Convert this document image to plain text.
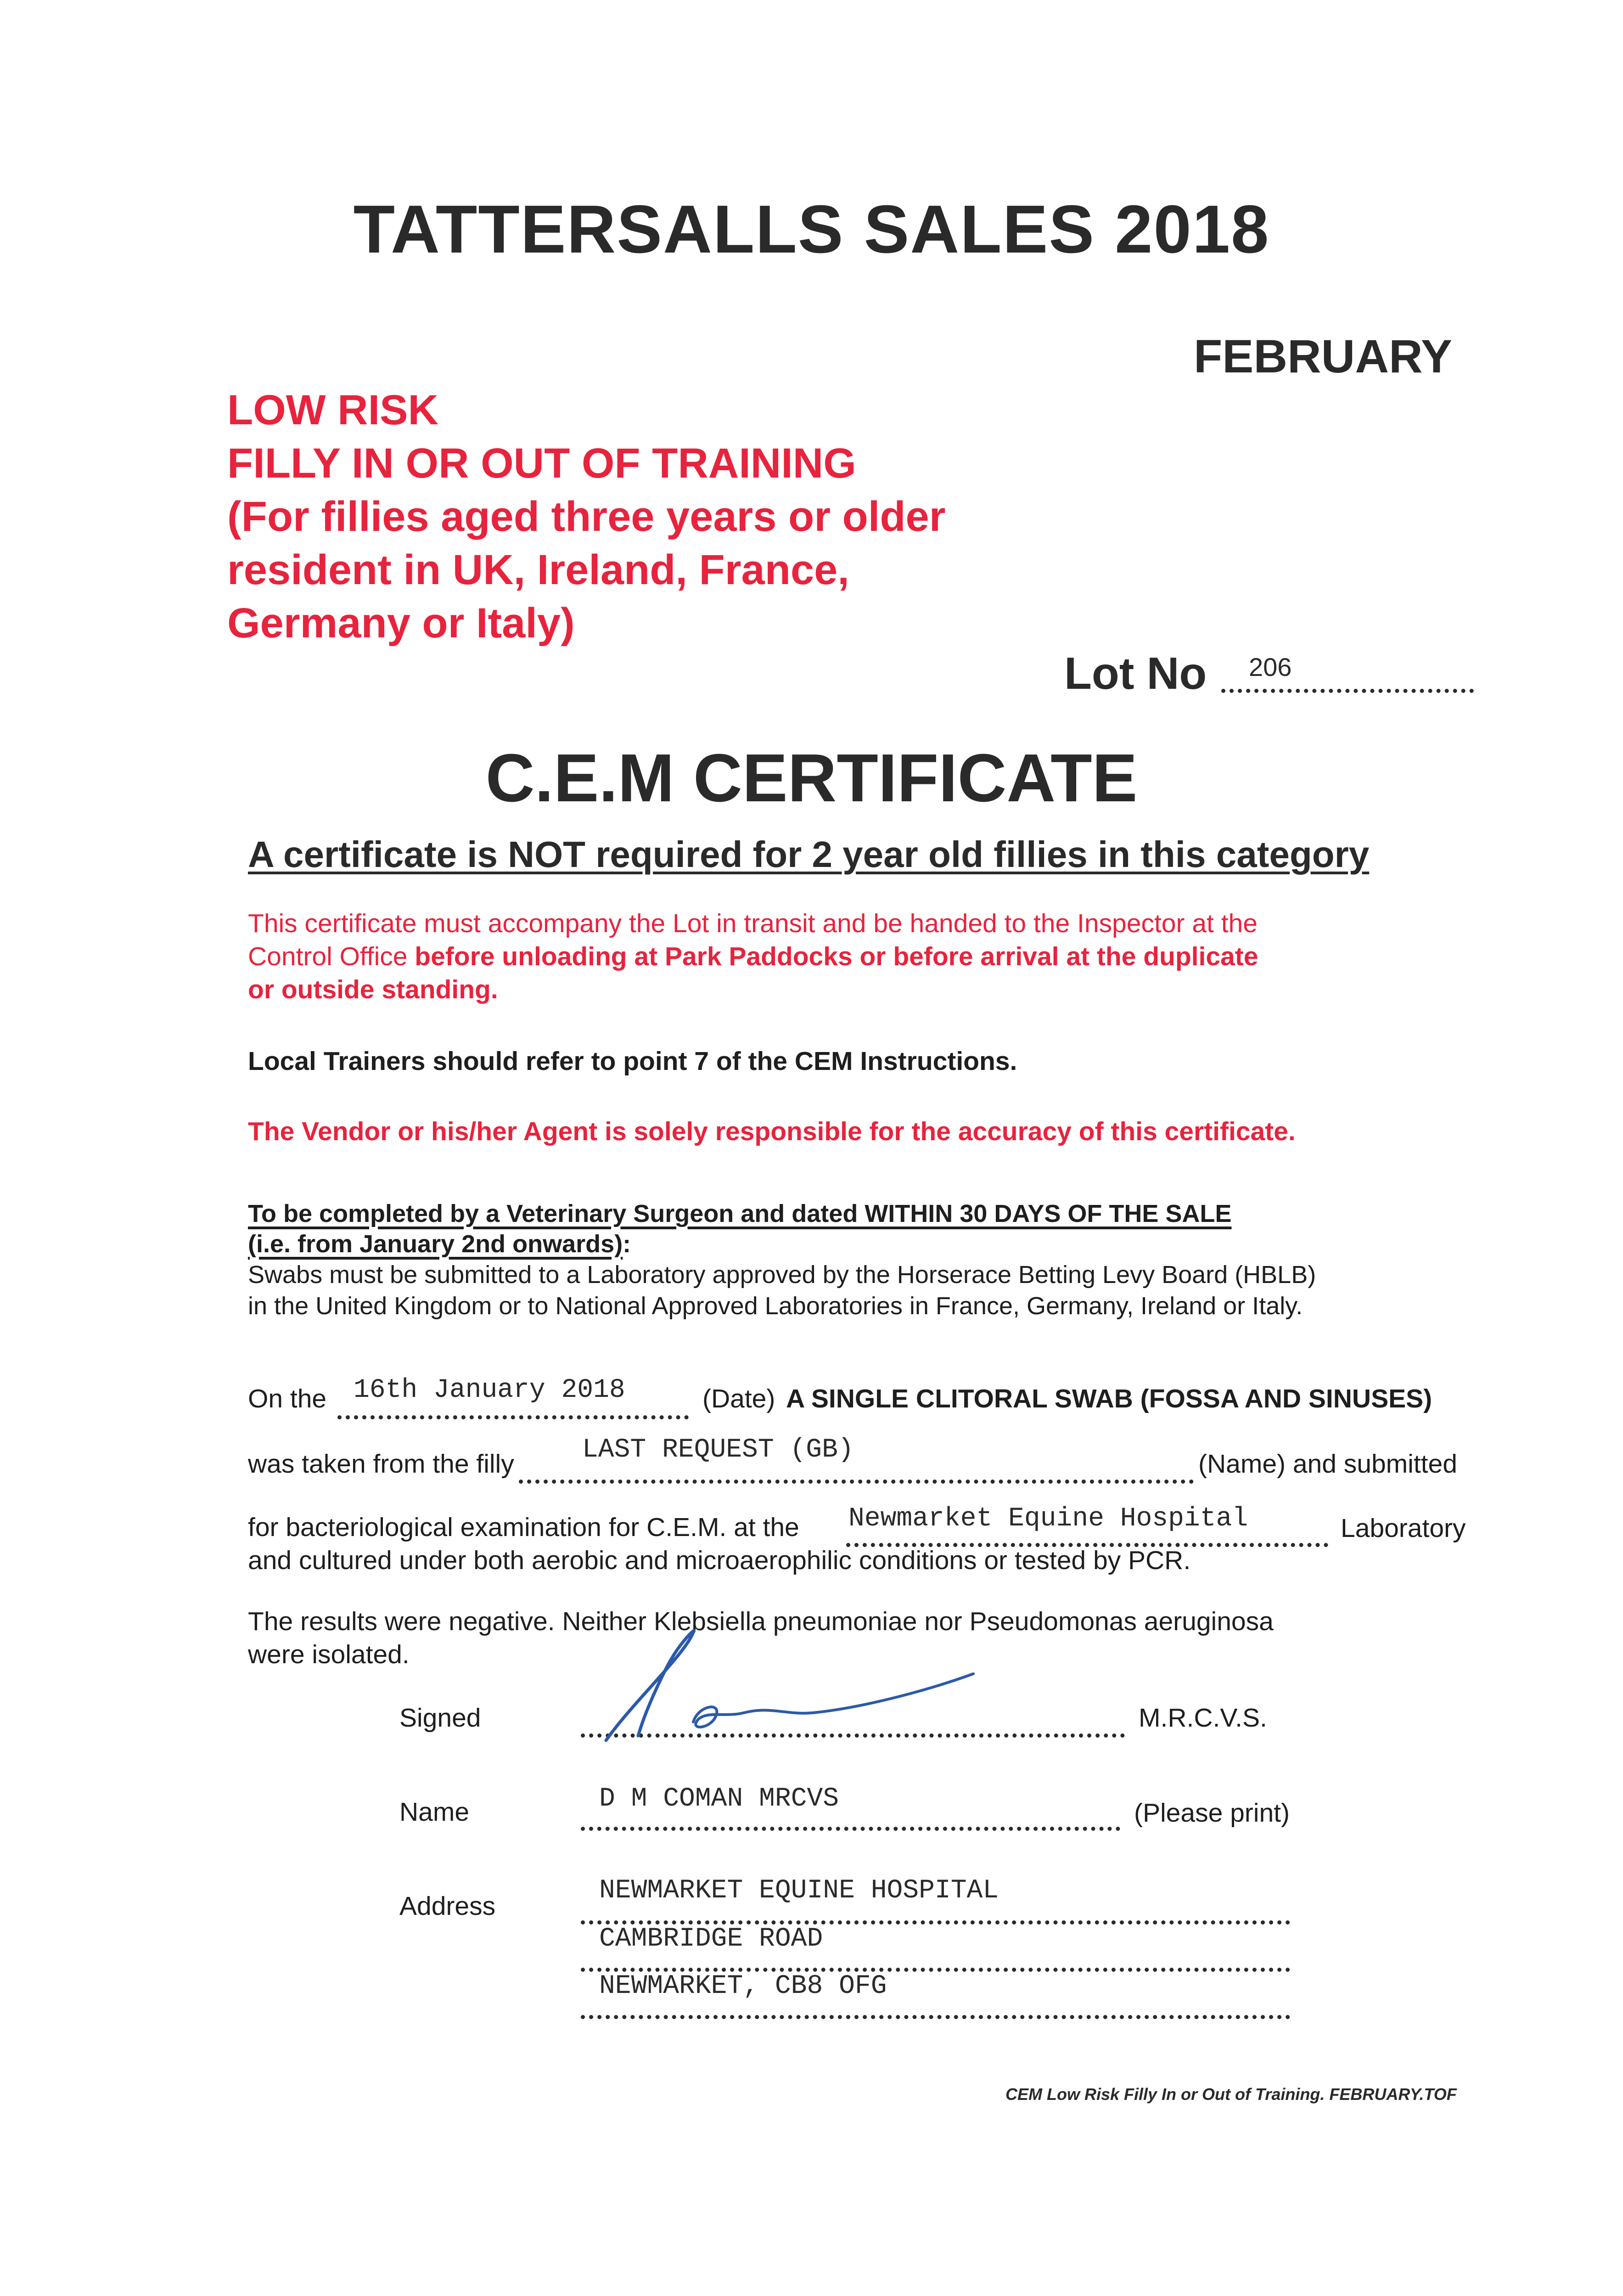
TATTERSALLS SALES 2018
FEBRUARY
LOW RISK
FILLY IN OR OUT OF TRAINING
(For fillies aged three years or older
resident in UK, Ireland, France,
Germany or Italy)
Lot No 206
C.E.M CERTIFICATE
A certificate is NOT required for 2 year old fillies in this category
This certificate must accompany the Lot in transit and be handed to the Inspector at the
Control Office before unloading at Park Paddocks or before arrival at the duplicate
or outside standing.
Local Trainers should refer to point 7 of the CEM Instructions.
The Vendor or his/her Agent is solely responsible for the accuracy of this certificate.
To be completed by a Veterinary Surgeon and dated WITHIN 30 DAYS OF THE SALE
(i.e. from January 2nd onwards):
Swabs must be submitted to a Laboratory approved by the Horserace Betting Levy Board (HBLB)
in the United Kingdom or to National Approved Laboratories in France, Germany, Ireland or Italy.
On the 16th January 2018	(Date) A SINGLE CLITORAL SWAB (FOSSA AND SINUSES)
was taken from the filly	LAST REQUEST (GB)	(Name) and submitted
for bacteriological examination for C.E.M. at the Newmarket Equine Hospital	Laboratory
and cultured under both aerobic and microaerophilic conditions or tested by PCR.
The results were negative. Neither Klebsiella pneumoniae nor Pseudomonas aeruginosa
were isolated.
Signed	M.R.C.V.S.
Name	D M COMAN MRCVS	(Please print)
Address
NEWMARKET EQUINE HOSPITAL
CAMBRIDGE ROAD
NEWMARKET, CB8 OFG
CEM Low Risk Filly In or Out of Training. FEBRUARY.TOF
